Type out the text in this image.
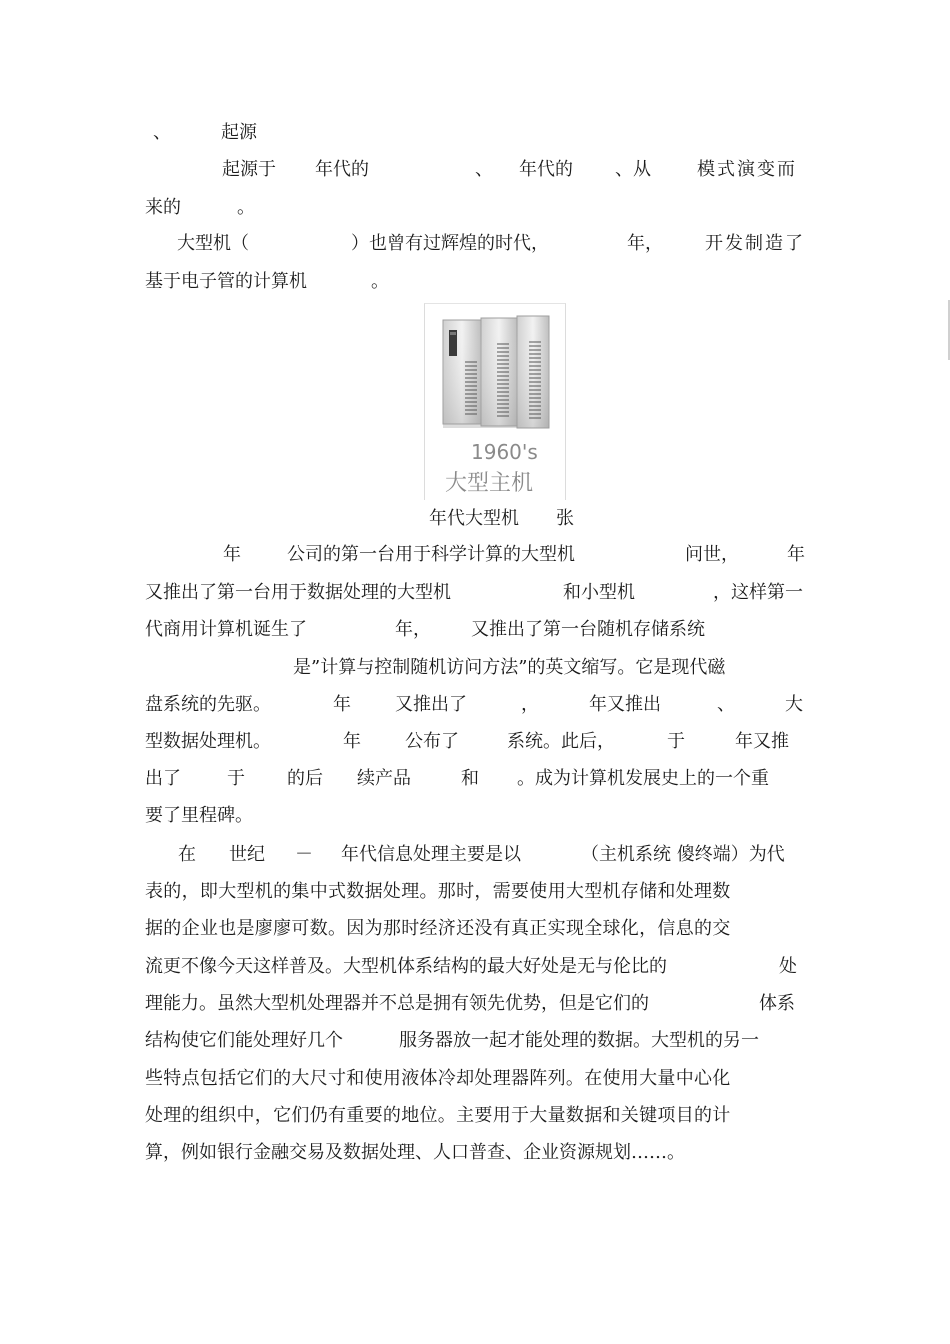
、	起源
起源于 年代的	、 年代的 、从	模式演变而
来的	。
大型机（	）也曾有过辉煌的时代，	年， 开发制造了
基于电子管的计算机	。
1960's
大型主机
年代大型机 张
年	公司的第一台用于科学计算的大型机	问世，	年
又推出了第一台用于数据处理的大型机	和小型机	，这样第一
代商用计算机诞生了	年， 又推出了第一台随机存储系统
是”计算与控制随机访问方法”的英文缩写。它是现代磁
盘系统的先驱。	年 又推出了	，	年又推出	、	大
型数据处理机。	年 公布了	系统。此后，	于	年又推
出了	于 的后 续产品	和 。成为计算机发展史上的一个重
要了里程碑。
在 世纪 － 年代信息处理主要是以	（主机系统 傻终端）为代
表的，即大型机的集中式数据处理。那时，需要使用大型机存储和处理数
据的企业也是廖廖可数。因为那时经济还没有真正实现全球化，信息的交
流更不像今天这样普及。大型机体系结构的最大好处是无与伦比的	处
理能力。虽然大型机处理器并不总是拥有领先优势，但是它们的	体系
结构使它们能处理好几个	服务器放一起才能处理的数据。大型机的另一
些特点包括它们的大尺寸和使用液体冷却处理器阵列。在使用大量中心化
处理的组织中，它们仍有重要的地位。主要用于大量数据和关键项目的计
算，例如银行金融交易及数据处理、人口普查、企业资源规划……。
